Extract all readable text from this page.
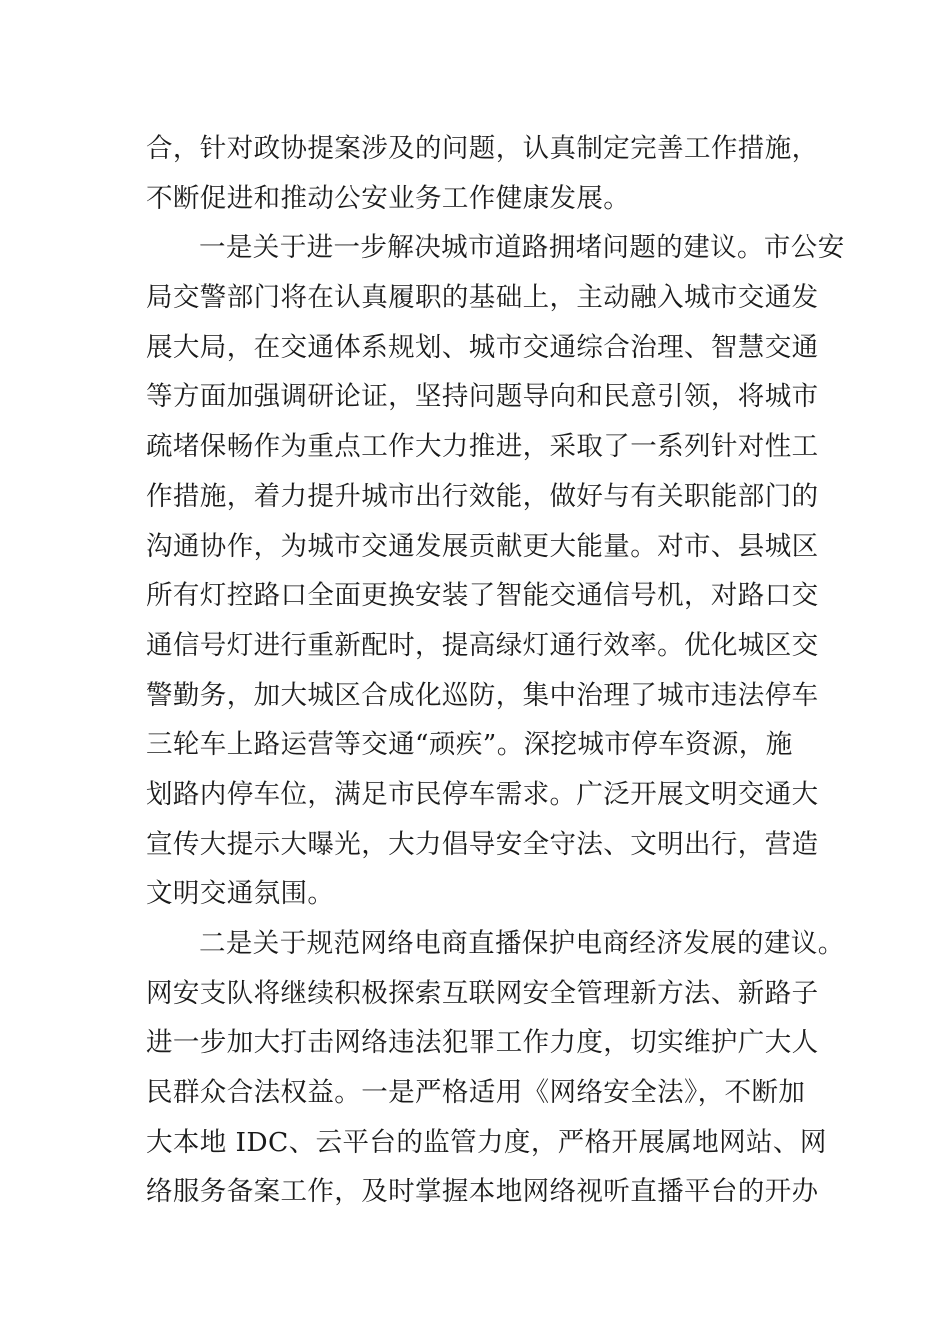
合，针对政协提案涉及的问题，认真制定完善工作措施，
不断促进和推动公安业务工作健康发展。
一是关于进一步解决城市道路拥堵问题的建议。市公安
局交警部门将在认真履职的基础上，主动融入城市交通发
展大局，在交通体系规划、城市交通综合治理、智慧交通
等方面加强调研论证，坚持问题导向和民意引领，将城市
疏堵保畅作为重点工作大力推进，采取了一系列针对性工
作措施，着力提升城市出行效能，做好与有关职能部门的
沟通协作，为城市交通发展贡献更大能量。对市、县城区
所有灯控路口全面更换安装了智能交通信号机，对路口交
通信号灯进行重新配时，提高绿灯通行效率。优化城区交
警勤务，加大城区合成化巡防，集中治理了城市违法停车
三轮车上路运营等交通“顽疾”。深挖城市停车资源，施
划路内停车位，满足市民停车需求。广泛开展文明交通大
宣传大提示大曝光，大力倡导安全守法、文明出行，营造
文明交通氛围。
二是关于规范网络电商直播保护电商经济发展的建议。
网安支队将继续积极探索互联网安全管理新方法、新路子
进一步加大打击网络违法犯罪工作力度，切实维护广大人
民群众合法权益。一是严格适用《网络安全法》，不断加
大本地 IDC、云平台的监管力度，严格开展属地网站、网
络服务备案工作，及时掌握本地网络视听直播平台的开办
